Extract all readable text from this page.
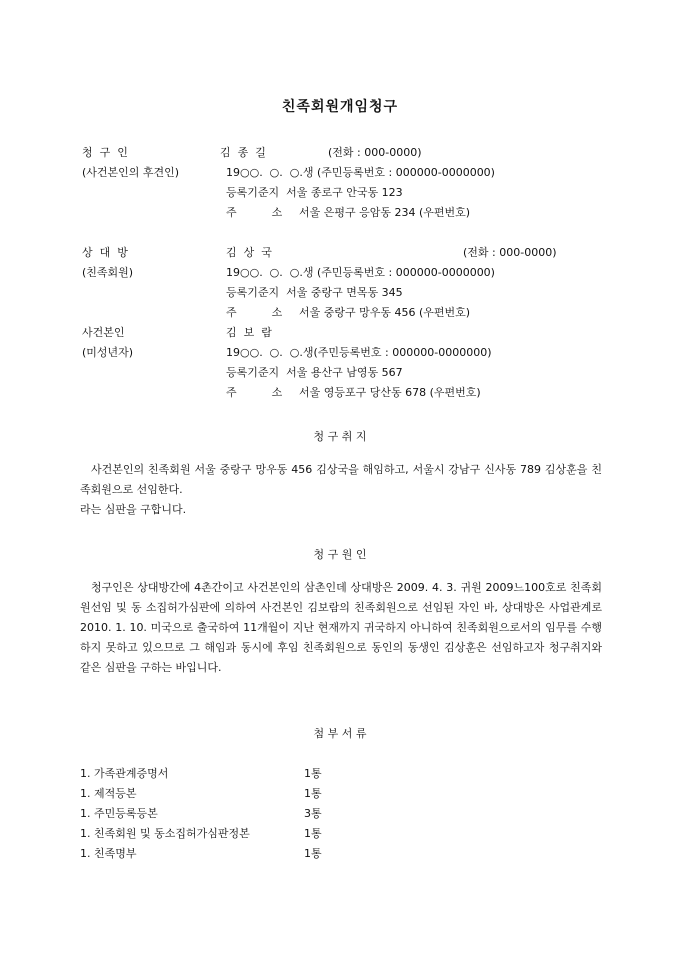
친족회원개임청구
청  구  인	김  종  길	(전화 : 000-0000)
(사건본인의 후견인)	19○○.  ○.  ○.생 (주민등록번호 : 000000-0000000)
등록기준지  서울 종로구 안국동 123
주          소 서울 은평구 응암동 234 (우편번호)
상  대  방	김  상  국	(전화 : 000-0000)
(친족회원)	19○○.  ○.  ○.생 (주민등록번호 : 000000-0000000)
등록기준지  서울 중랑구 면목동 345
주          소 서울 중랑구 망우동 456 (우편번호)
사건본인	김  보  람
(미성년자)	19○○.  ○.  ○.생(주민등록번호 : 000000-0000000)
등록기준지  서울 용산구 남영동 567
주          소 서울 영등포구 당산동 678 (우편번호)
청 구 취 지

사건본인의 친족회원 서울 중랑구 망우동 456 김상국을 해임하고, 서울시 강남구 신사동 789 김상훈을 친족회원으로 선임한다.

라는 심판을 구합니다.

청 구 원 인

청구인은 상대방간에 4촌간이고 사건본인의 삼촌인데 상대방은 2009. 4. 3. 귀원 2009느100호로 친족회원선임 및 동 소집허가심판에 의하여 사건본인 김보람의 친족회원으로 선임된 자인 바, 상대방은 사업관계로 2010. 1. 10. 미국으로 출국하여 11개월이 지난 현재까지 귀국하지 아니하여 친족회원으로서의 임무를 수행하지 못하고 있으므로 그 해임과 동시에 후임 친족회원으로 동인의 동생인 김상훈은 선임하고자 청구취지와 같은 심판을 구하는 바입니다.

첨 부 서 류
1. 가족관계증명서	1통
1. 제적등본	1통
1. 주민등록등본	3통
1. 친족회원 및 동소집허가심판정본	1통
1. 친족명부	1통
